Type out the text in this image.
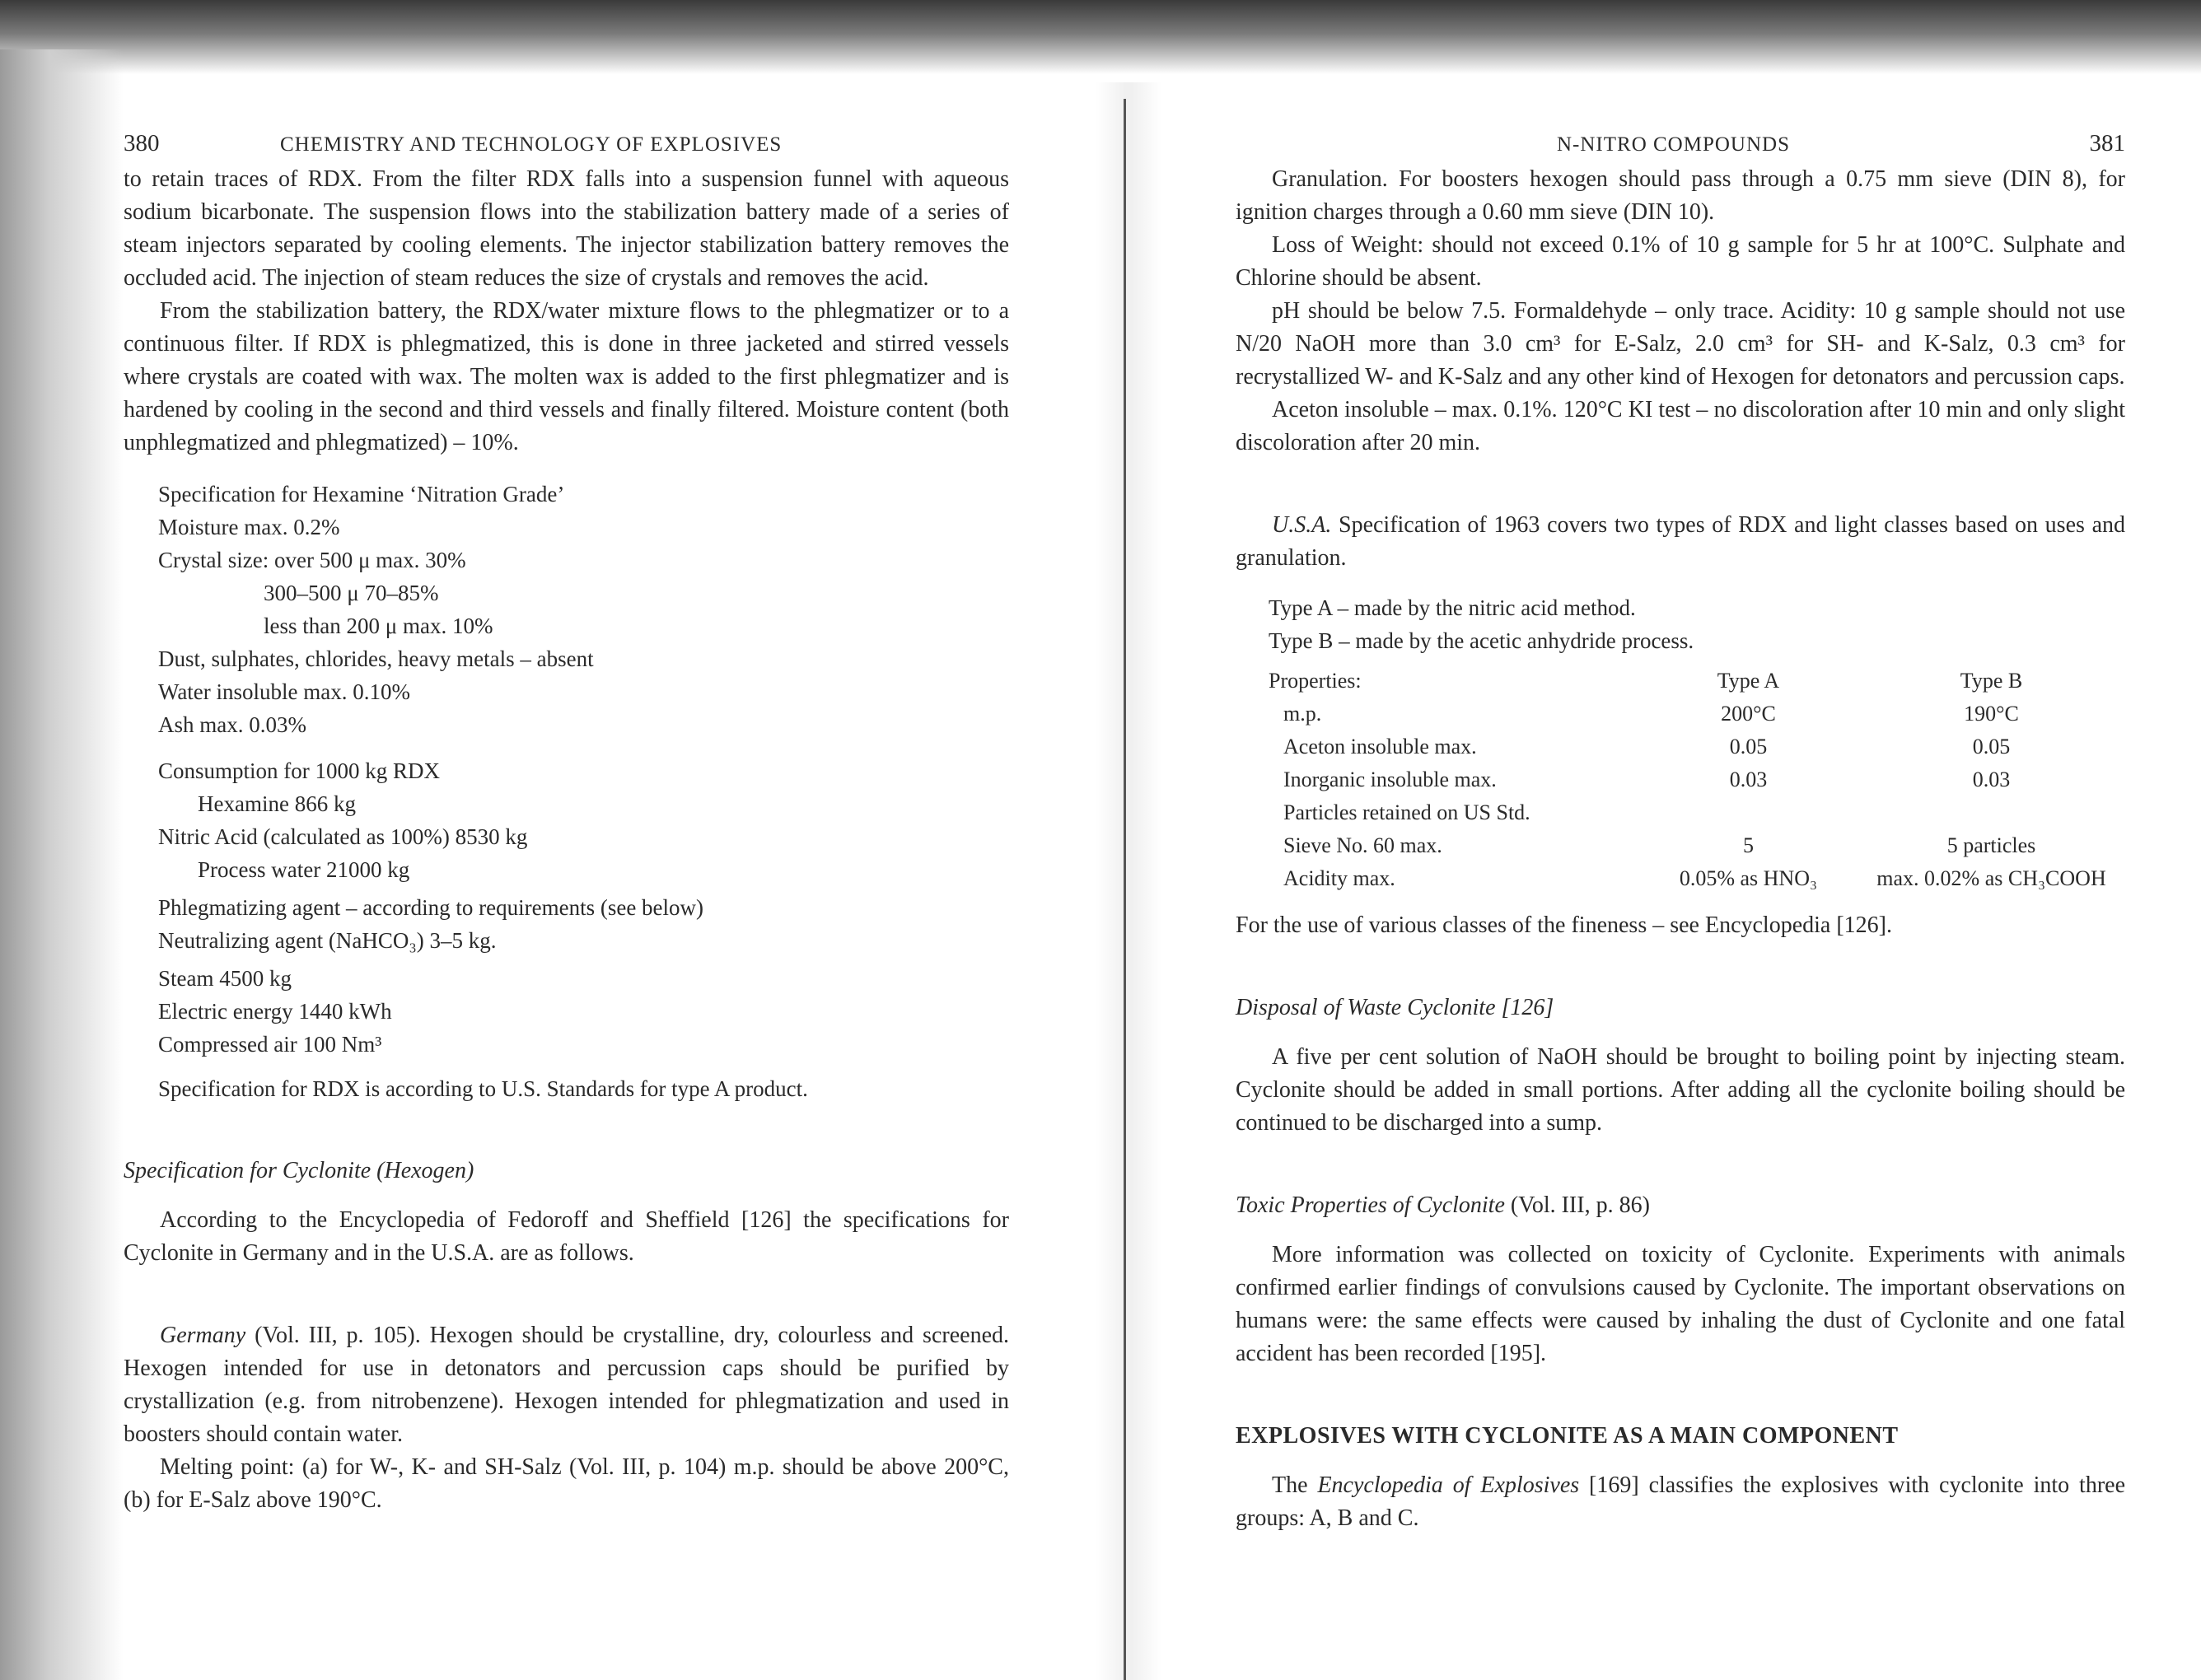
380	CHEMISTRY AND TECHNOLOGY OF EXPLOSIVES

to retain traces of RDX. From the filter RDX falls into a suspension funnel with aqueous sodium bicarbonate. The suspension flows into the stabilization battery made of a series of steam injectors separated by cooling elements. The injector stabilization battery removes the occluded acid. The injection of steam reduces the size of crystals and removes the acid.

From the stabilization battery, the RDX/water mixture flows to the phlegmatizer or to a continuous filter. If RDX is phlegmatized, this is done in three jacketed and stirred vessels where crystals are coated with wax. The molten wax is added to the first phlegmatizer and is hardened by cooling in the second and third vessels and finally filtered. Moisture content (both unphlegmatized and phlegmatized) – 10%.

Specification for Hexamine ‘Nitration Grade’
Moisture max. 0.2%
Crystal size: over 500 μ max. 30%
300–500 μ 70–85%
less than 200 μ max. 10%
Dust, sulphates, chlorides, heavy metals – absent
Water insoluble max. 0.10%
Ash max. 0.03%
Consumption for 1000 kg RDX
Hexamine 866 kg
Nitric Acid (calculated as 100%) 8530 kg
Process water 21000 kg
Phlegmatizing agent – according to requirements (see below)
Neutralizing agent (NaHCO₃) 3–5 kg.
Steam 4500 kg
Electric energy 1440 kWh
Compressed air 100 Nm³
Specification for RDX is according to U.S. Standards for type A product.
Specification for Cyclonite (Hexogen)

According to the Encyclopedia of Fedoroff and Sheffield [126] the specifications for Cyclonite in Germany and in the U.S.A. are as follows.

Germany (Vol. III, p. 105). Hexogen should be crystalline, dry, colourless and screened. Hexogen intended for use in detonators and percussion caps should be purified by crystallization (e.g. from nitrobenzene). Hexogen intended for phlegmatization and used in boosters should contain water.

Melting point: (a) for W-, K- and SH-Salz (Vol. III, p. 104) m.p. should be above 200°C, (b) for E-Salz above 190°C.

N-NITRO COMPOUNDS	381

Granulation. For boosters hexogen should pass through a 0.75 mm sieve (DIN 8), for ignition charges through a 0.60 mm sieve (DIN 10).

Loss of Weight: should not exceed 0.1% of 10 g sample for 5 hr at 100°C. Sulphate and Chlorine should be absent.

pH should be below 7.5. Formaldehyde – only trace. Acidity: 10 g sample should not use N/20 NaOH more than 3.0 cm³ for E-Salz, 2.0 cm³ for SH- and K-Salz, 0.3 cm³ for recrystallized W- and K-Salz and any other kind of Hexogen for detonators and percussion caps.

Aceton insoluble – max. 0.1%. 120°C KI test – no discoloration after 10 min and only slight discoloration after 20 min.

U.S.A. Specification of 1963 covers two types of RDX and light classes based on uses and granulation.

Type A – made by the nitric acid method.
Type B – made by the acetic anhydride process.
Properties:	Type A	Type B
m.p.	200°C	190°C
Aceton insoluble max.	0.05	0.05
Inorganic insoluble max.	0.03	0.03
Particles retained on US Std.		
Sieve No. 60 max.	5	5 particles
Acidity max.	0.05% as HNO₃	max. 0.02% as CH₃COOH

For the use of various classes of the fineness – see Encyclopedia [126].

Disposal of Waste Cyclonite [126]

A five per cent solution of NaOH should be brought to boiling point by injecting steam. Cyclonite should be added in small portions. After adding all the cyclonite boiling should be continued to be discharged into a sump.

Toxic Properties of Cyclonite (Vol. III, p. 86)

More information was collected on toxicity of Cyclonite. Experiments with animals confirmed earlier findings of convulsions caused by Cyclonite. The important observations on humans were: the same effects were caused by inhaling the dust of Cyclonite and one fatal accident has been recorded [195].

EXPLOSIVES WITH CYCLONITE AS A MAIN COMPONENT

The Encyclopedia of Explosives [169] classifies the explosives with cyclonite into three groups: A, B and C.
